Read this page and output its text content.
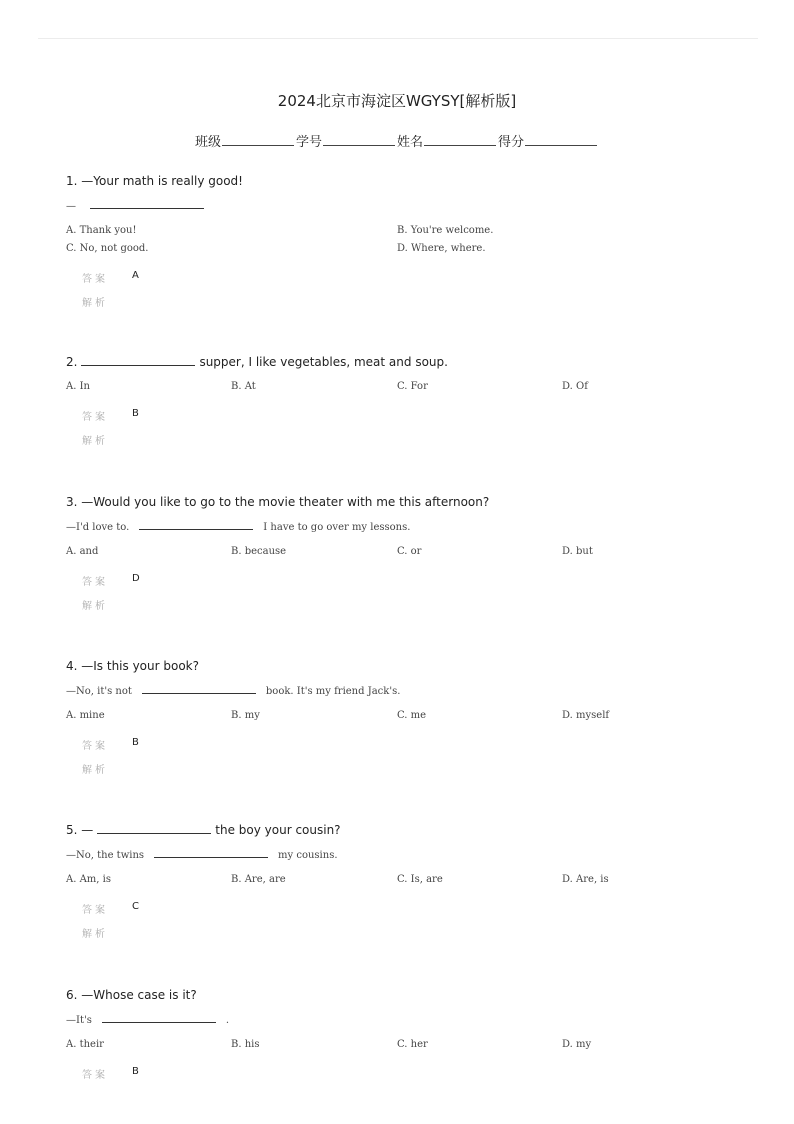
2024北京市海淀区WGYSY[解析版]
班级	学号	姓名	得分
1. —Your math is really good!
—
A. Thank you!	B. You're welcome.
C. No, not good.	D. Where, where.
答案 A
解析
2.	supper, I like vegetables, meat and soup.
A. In	B. At	C. For	D. Of
答案 B
解析
3. —Would you like to go to the movie theater with me this afternoon?
—I'd love to.	I have to go over my lessons.
A. and	B. because	C. or	D. but
答案 D
解析
4. —Is this your book?
—No, it's not	book. It's my friend Jack's.
A. mine	B. my	C. me	D. myself
答案 B
解析
5. —	the boy your cousin?
—No, the twins	my cousins.
A. Am, is	B. Are, are	C. Is, are	D. Are, is
答案 C
解析
6. —Whose case is it?
—It's	.
A. their	B. his	C. her	D. my
答案 B
